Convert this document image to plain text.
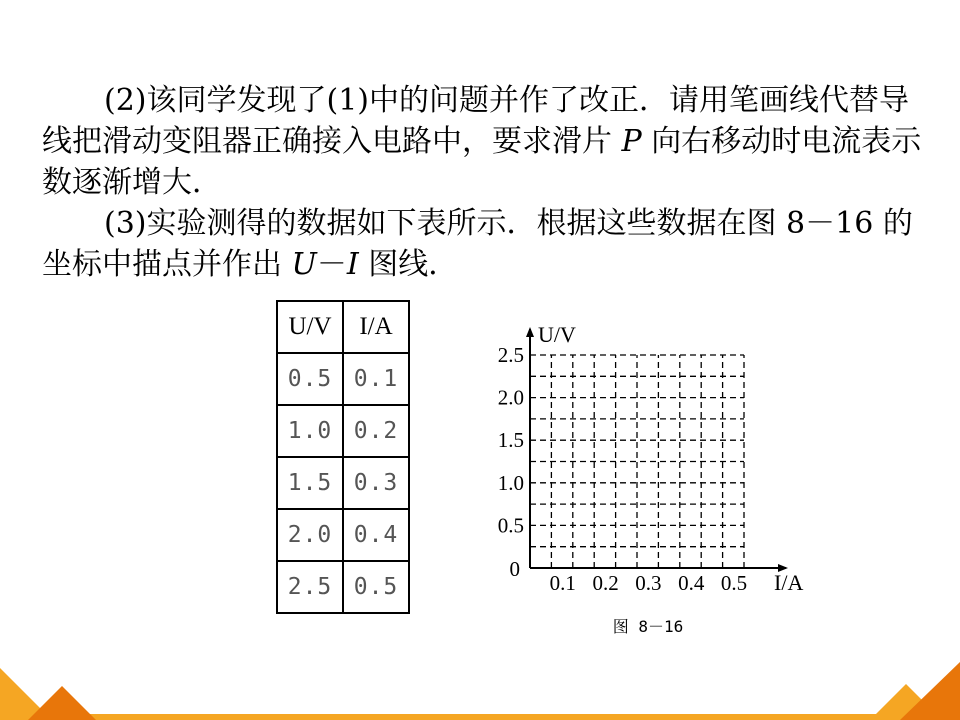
(2)该同学发现了(1)中的问题并作了改正．请用笔画线代替导线把滑动变阻器正确接入电路中，要求滑片 P 向右移动时电流表示数逐渐增大．

(3)实验测得的数据如下表所示．根据这些数据在图 8－16 的坐标中描点并作出 U－I 图线．

U/V	I/A
0.5	0.1
1.0	0.2
1.5	0.3
2.0	0.4
2.5	0.5
0.5
1.0
1.5
2.0
2.5
0.1 0.2 0.3 0.4 0.5
0
U/V
I/A
图 8－16
